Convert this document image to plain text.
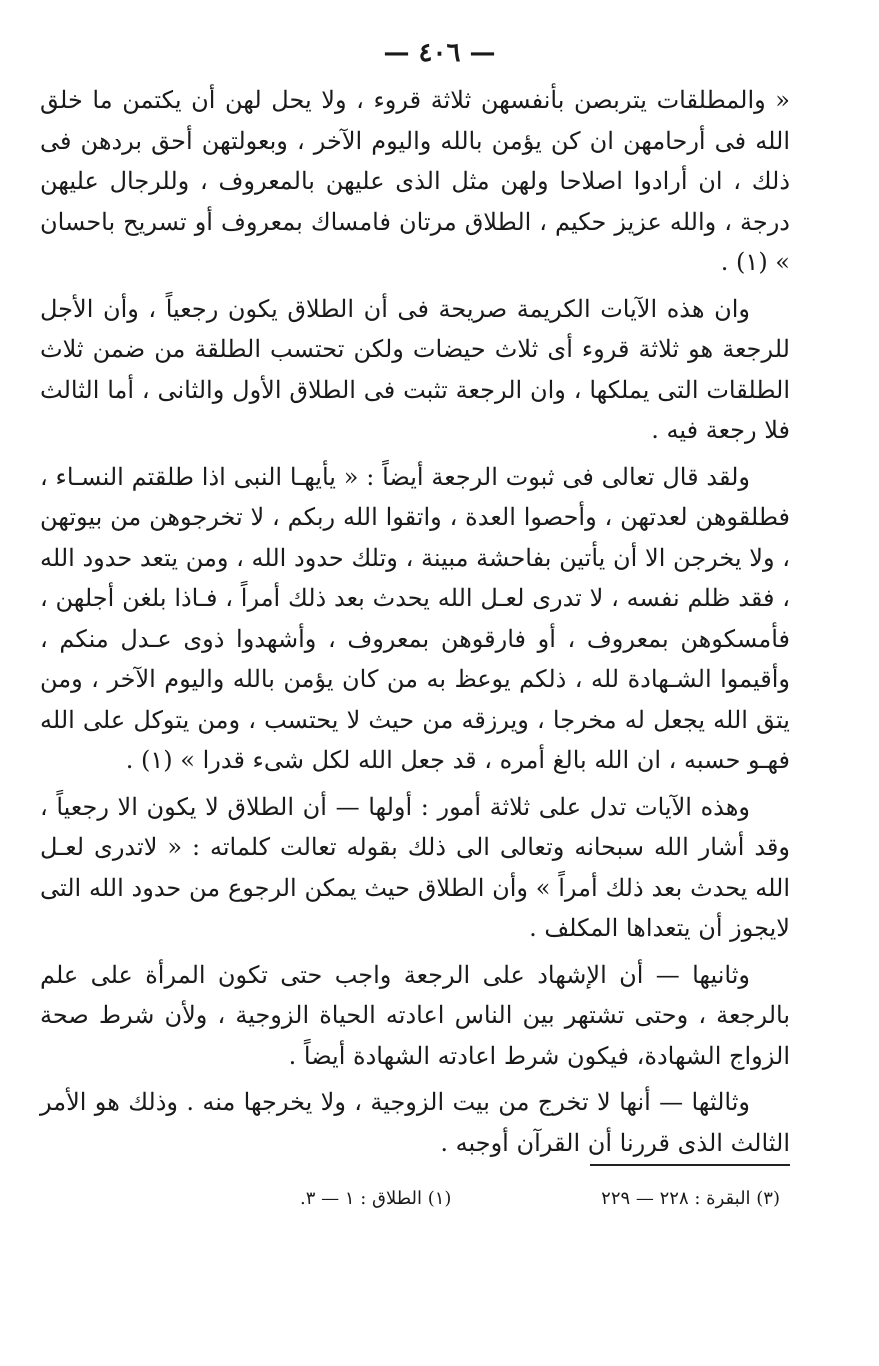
— ٤٠٦ —

« والمطلقات يتربصن بأنفسهن ثلاثة قروء ، ولا يحل لهن أن يكتمن ما خلق الله فى أرحامهن ان كن يؤمن بالله واليوم الآخر ، وبعولتهن أحق بردهن فى ذلك ، ان أرادوا اصلاحا ولهن مثل الذى عليهن بالمعروف ، وللرجال عليهن درجة ، والله عزيز حكيم ، الطلاق مرتان فامساك بمعروف أو تسريح باحسان » (١) .

وان هذه الآيات الكريمة صريحة فى أن الطلاق يكون رجعياً ، وأن الأجل للرجعة هو ثلاثة قروء أى ثلاث حيضات ولكن تحتسب الطلقة من ضمن ثلاث الطلقات التى يملكها ، وان الرجعة تثبت فى الطلاق الأول والثانى ، أما الثالث فلا رجعة فيه .

ولقد قال تعالى فى ثبوت الرجعة أيضاً : « يأيهـا النبى اذا طلقتم النسـاء ، فطلقوهن لعدتهن ، وأحصوا العدة ، واتقوا الله ربكم ، لا تخرجوهن من بيوتهن ، ولا يخرجن الا أن يأتين بفاحشة مبينة ، وتلك حدود الله ، ومن يتعد حدود الله ، فقد ظلم نفسه ، لا تدرى لعـل الله يحدث بعد ذلك أمراً ، فـاذا بلغن أجلهن ، فأمسكوهن بمعروف ، أو فارقوهن بمعروف ، وأشهدوا ذوى عـدل منكم ، وأقيموا الشـهادة لله ، ذلكم يوعظ به من كان يؤمن بالله واليوم الآخر ، ومن يتق الله يجعل له مخرجا ، ويرزقه من حيث لا يحتسب ، ومن يتوكل على الله فهـو حسبه ، ان الله بالغ أمره ، قد جعل الله لكل شىء قدرا » (١) .

وهذه الآيات تدل على ثلاثة أمور : أولها — أن الطلاق لا يكون الا رجعياً ، وقد أشار الله سبحانه وتعالى الى ذلك بقوله تعالت كلماته : « لاتدرى لعـل الله يحدث بعد ذلك أمراً » وأن الطلاق حيث يمكن الرجوع من حدود الله التى لايجوز أن يتعداها المكلف .

وثانيها — أن الإشهاد على الرجعة واجب حتى تكون المرأة على علم بالرجعة ، وحتى تشتهر بين الناس اعادته الحياة الزوجية ، ولأن شرط صحة الزواج الشهادة، فيكون شرط اعادته الشهادة أيضاً .

وثالثها — أنها لا تخرج من بيت الزوجية ، ولا يخرجها منه . وذلك هو الأمر الثالث الذى قررنا أن القرآن أوجبه .

(٣) البقرة : ٢٢٨ — ٢٢٩
(١) الطلاق : ١ — ٣.
